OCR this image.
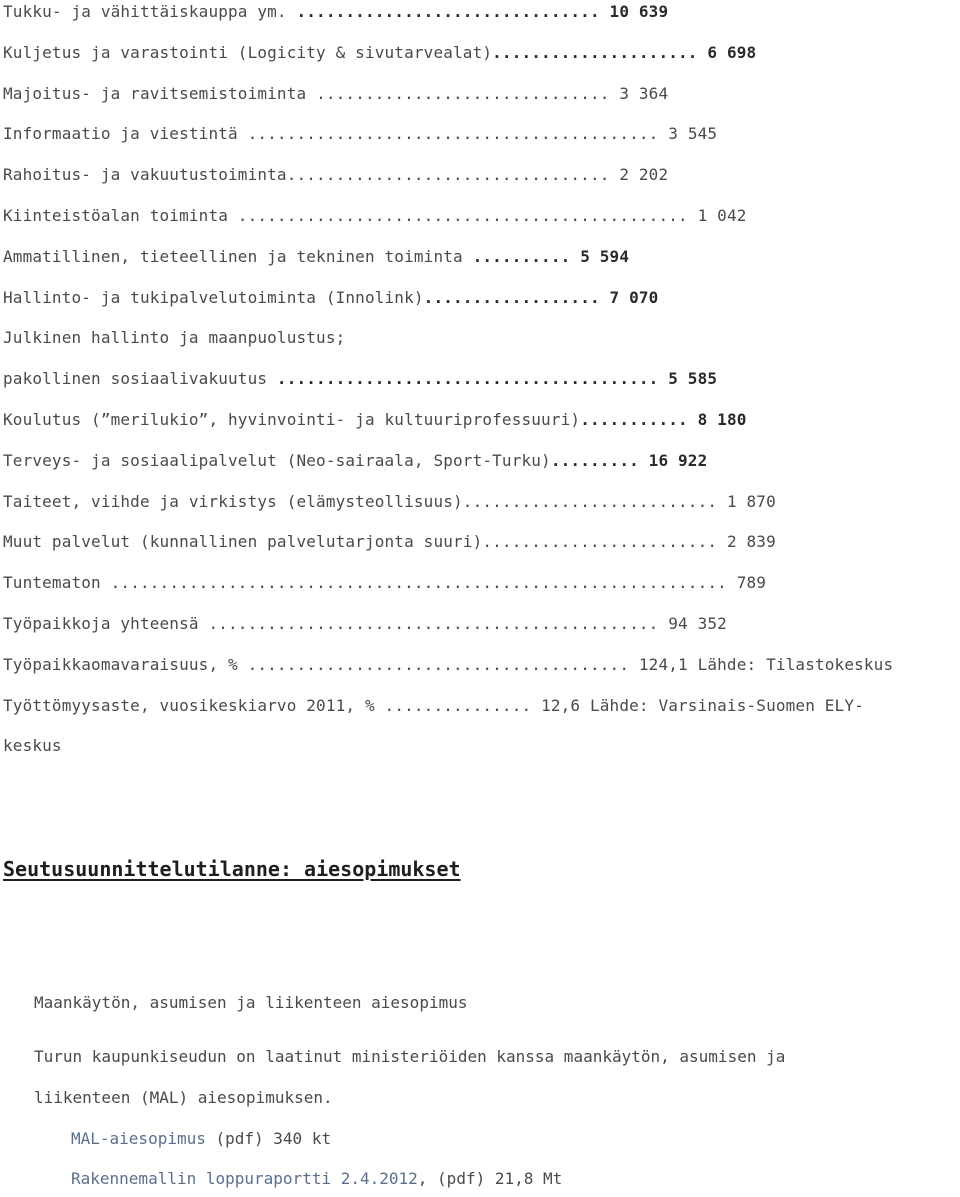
Tukku- ja vähittäiskauppa ym. ............................... 10 639
Kuljetus ja varastointi (Logicity & sivutarvealat)..................... 6 698
Majoitus- ja ravitsemistoiminta .............................. 3 364
Informaatio ja viestintä .......................................... 3 545
Rahoitus- ja vakuutustoiminta................................. 2 202
Kiinteistöalan toiminta .............................................. 1 042
Ammatillinen, tieteellinen ja tekninen toiminta .......... 5 594
Hallinto- ja tukipalvelutoiminta (Innolink).................. 7 070
Julkinen hallinto ja maanpuolustus;
pakollinen sosiaalivakuutus ....................................... 5 585
Koulutus (”merilukio”, hyvinvointi- ja kultuuriprofessuuri)........... 8 180
Terveys- ja sosiaalipalvelut (Neo-sairaala, Sport-Turku)......... 16 922
Taiteet, viihde ja virkistys (elämysteollisuus).......................... 1 870
Muut palvelut (kunnallinen palvelutarjonta suuri)........................ 2 839
Tuntematon ............................................................... 789
Työpaikkoja yhteensä .............................................. 94 352
Työpaikkaomavaraisuus, % ....................................... 124,1 Lähde: Tilastokeskus
Työttömyysaste, vuosikeskiarvo 2011, % ............... 12,6 Lähde: Varsinais-Suomen ELY-
keskus
Seutusuunnittelutilanne: aiesopimukset
Maankäytön, asumisen ja liikenteen aiesopimus
Turun kaupunkiseudun on laatinut ministeriöiden kanssa maankäytön, asumisen ja
liikenteen (MAL) aiesopimuksen.
MAL-aiesopimus (pdf) 340 kt
Rakennemallin loppuraportti 2.4.2012, (pdf) 21,8 Mt
